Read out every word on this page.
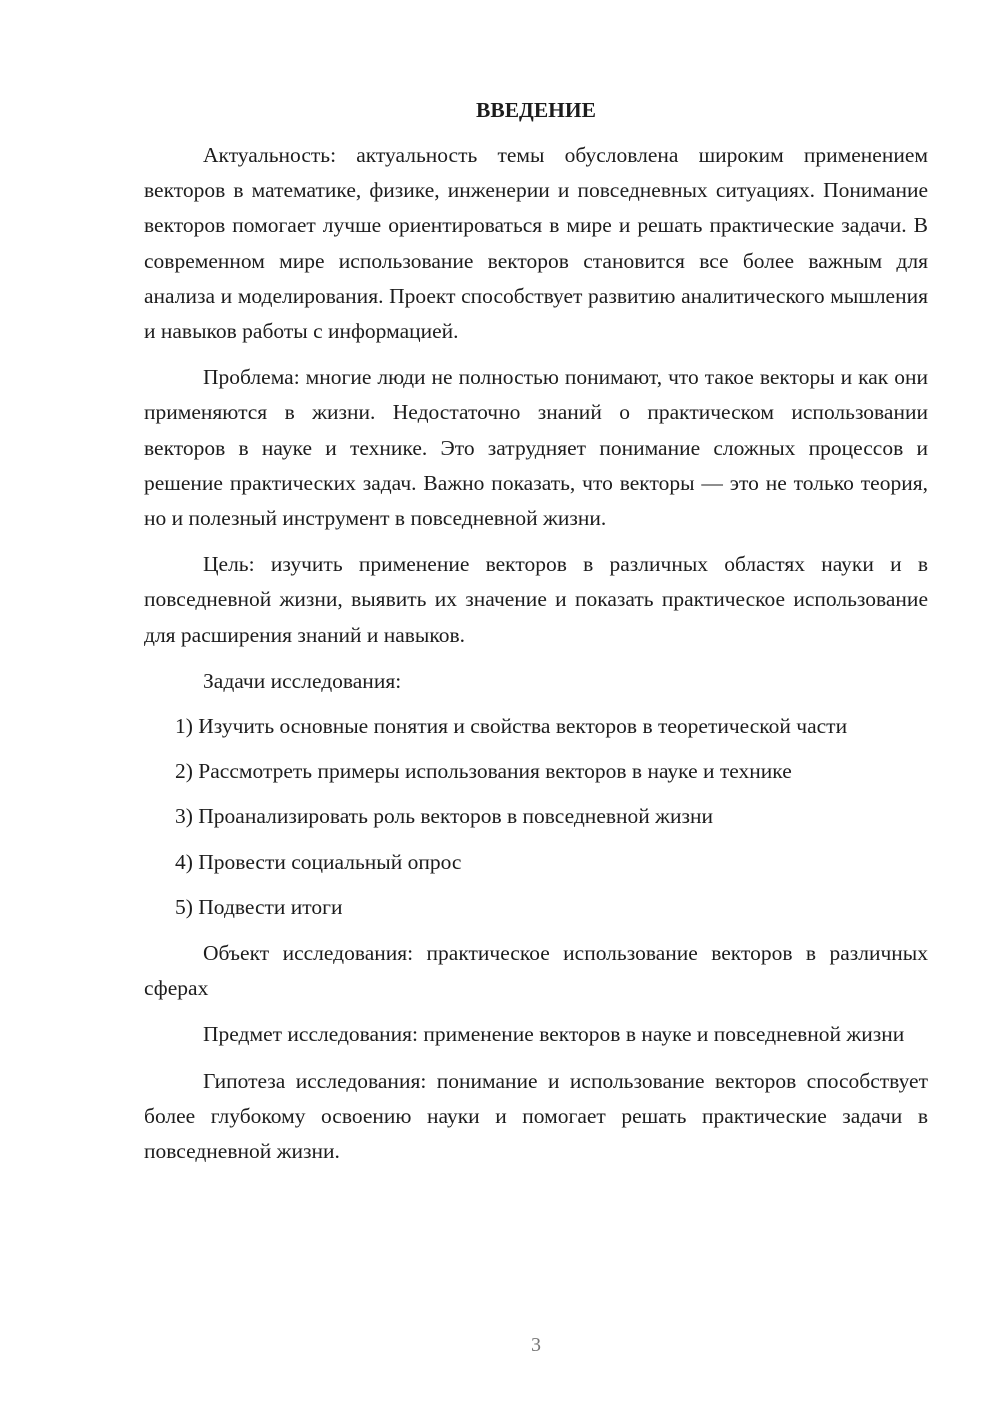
ВВЕДЕНИЕ

Актуальность: актуальность темы обусловлена широким применением векторов в математике, физике, инженерии и повседневных ситуациях. Понимание векторов помогает лучше ориентироваться в мире и решать практические задачи. В современном мире использование векторов становится все более важным для анализа и моделирования. Проект способствует развитию аналитического мышления и навыков работы с информацией.

Проблема: многие люди не полностью понимают, что такое векторы и как они применяются в жизни. Недостаточно знаний о практическом использовании векторов в науке и технике. Это затрудняет понимание сложных процессов и решение практических задач. Важно показать, что векторы — это не только теория, но и полезный инструмент в повседневной жизни.

Цель: изучить применение векторов в различных областях науки и в повседневной жизни, выявить их значение и показать практическое использование для расширения знаний и навыков.

Задачи исследования:

1) Изучить основные понятия и свойства векторов в теоретической части

2) Рассмотреть примеры использования векторов в науке и технике

3) Проанализировать роль векторов в повседневной жизни

4) Провести социальный опрос

5) Подвести итоги

Объект исследования: практическое использование векторов в различных сферах

Предмет исследования: применение векторов в науке и повседневной жизни

Гипотеза исследования: понимание и использование векторов способствует более глубокому освоению науки и помогает решать практические задачи в повседневной жизни.

3
